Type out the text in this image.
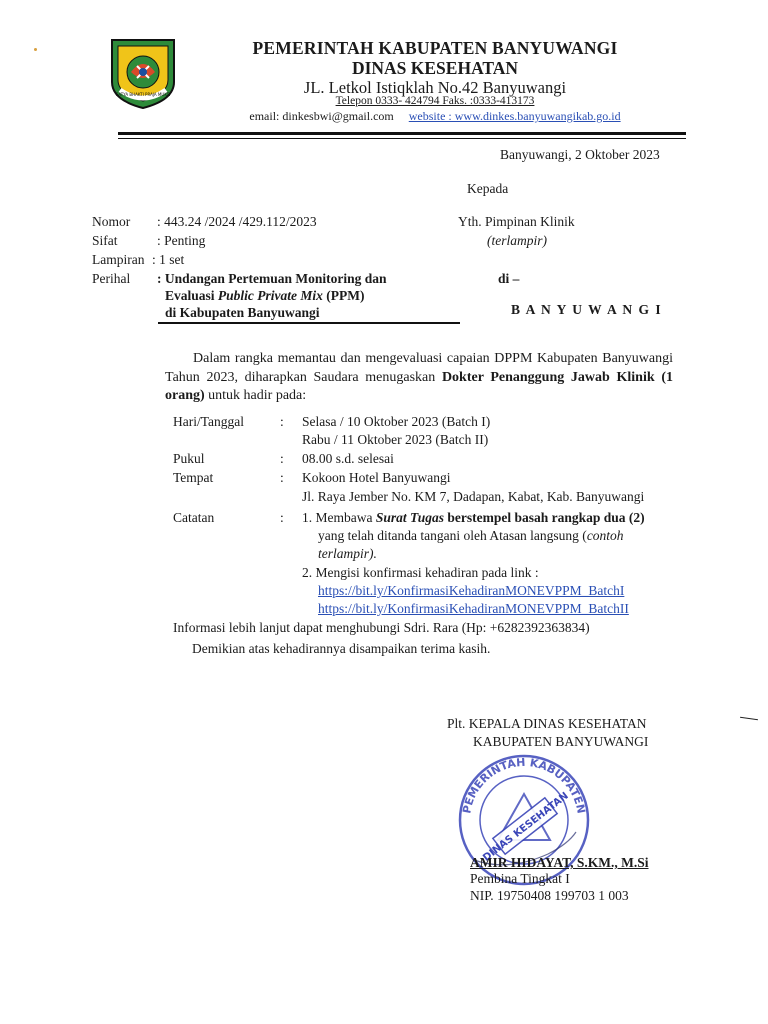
SATYA BHAKTI PRAJA MUKTI
PEMERINTAH KABUPATEN BANYUWANGI
DINAS KESEHATAN
JL. Letkol Istiqklah No.42 Banyuwangi
Telepon 0333- 424794 Faks. :0333-413173
email: dinkesbwi@gmail.com website : www.dinkes.banyuwangikab.go.id
Banyuwangi, 2 Oktober 2023
Kepada
Yth. Pimpinan Klinik
(terlampir)
di –
B A N Y U W A N G I
Nomor : 443.24 /2024 /429.112/2023
Sifat	: Penting
Lampiran : 1 set
Perihal : Undangan Pertemuan Monitoring dan
Evaluasi Public Private Mix (PPM)
di Kabupaten Banyuwangi
Dalam rangka memantau dan mengevaluasi capaian DPPM Kabupaten Banyuwangi Tahun 2023, diharapkan Saudara menugaskan Dokter Penanggung Jawab Klinik (1 orang) untuk hadir pada:
Hari/Tanggal	: Selasa / 10 Oktober 2023 (Batch I)
Rabu / 11 Oktober 2023 (Batch II)
Pukul	: 08.00 s.d. selesai
Tempat	: Kokoon Hotel Banyuwangi
Jl. Raya Jember No. KM 7, Dadapan, Kabat, Kab. Banyuwangi
Catatan	: 1. Membawa Surat Tugas berstempel basah rangkap dua (2)
yang telah ditanda tangani oleh Atasan langsung (contoh
terlampir).
2. Mengisi konfirmasi kehadiran pada link :
https://bit.ly/KonfirmasiKehadiranMONEVPPM_BatchI
https://bit.ly/KonfirmasiKehadiranMONEVPPM_BatchII
Informasi lebih lanjut dapat menghubungi Sdri. Rara (Hp: +6282392363834)
Demikian atas kehadirannya disampaikan terima kasih.
Plt. KEPALA DINAS KESEHATAN
KABUPATEN BANYUWANGI
PEMERINTAH KABUPATEN
DINAS KESEHATAN
AMIR HIDAYAT, S.KM., M.Si
Pembina Tingkat I
NIP. 19750408 199703 1 003
